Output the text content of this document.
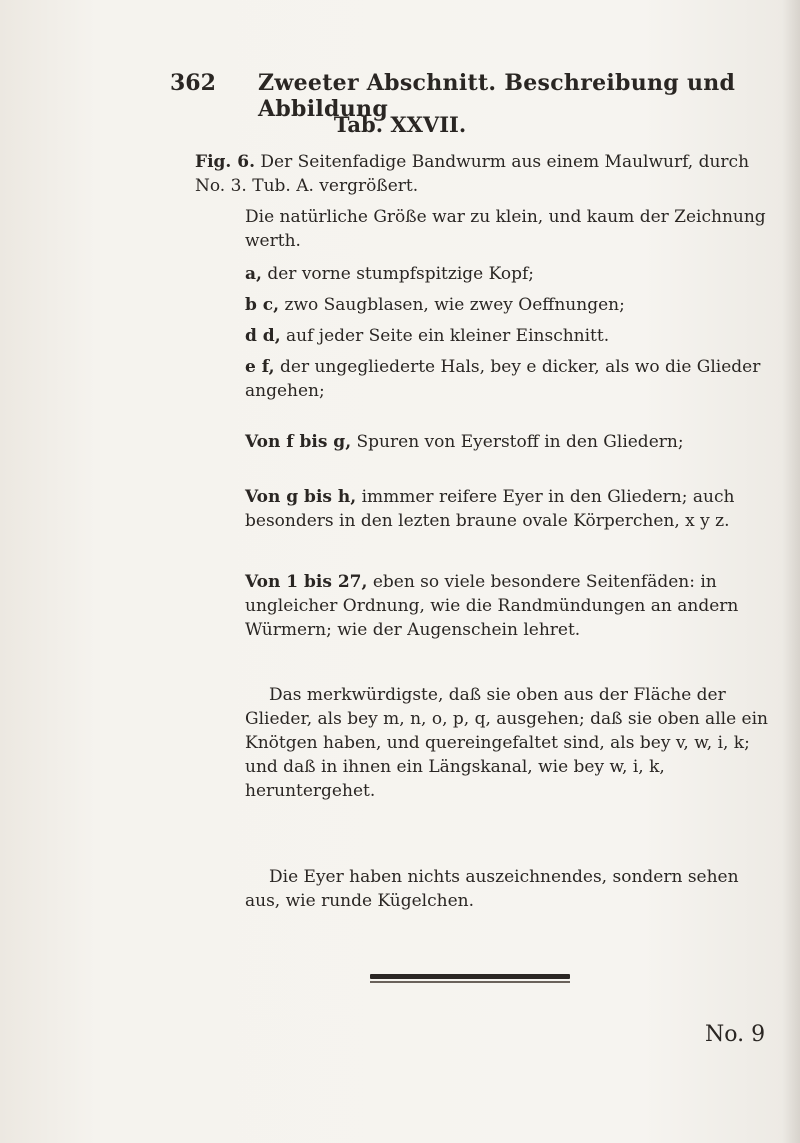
362 Zweeter Abschnitt. Beschreibung und Abbildung
Tab. XXVII.
Fig. 6. Der Seitenfadige Bandwurm aus einem Maulwurf, durch No. 3. Tub. A. vergrößert.
Die natürliche Größe war zu klein, und kaum der Zeichnung werth.
a, der vorne stumpfspitzige Kopf;
b c, zwo Saugblasen, wie zwey Oeffnungen;
d d, auf jeder Seite ein kleiner Einschnitt.
e f, der ungegliederte Hals, bey e dicker, als wo die Glieder angehen;
Von f bis g, Spuren von Eyerstoff in den Gliedern;
Von g bis h, immmer reifere Eyer in den Gliedern; auch besonders in den lezten braune ovale Körperchen, x y z.
Von 1 bis 27, eben so viele besondere Seitenfäden: in ungleicher Ordnung, wie die Randmündungen an andern Würmern; wie der Augenschein lehret.
Das merkwürdigste, daß sie oben aus der Fläche der Glieder, als bey m, n, o, p, q, ausgehen; daß sie oben alle ein Knötgen haben, und quereingefaltet sind, als bey v, w, i, k; und daß in ihnen ein Längskanal, wie bey w, i, k, heruntergehet.
Die Eyer haben nichts auszeichnendes, sondern sehen aus, wie runde Kügelchen.
No. 9
